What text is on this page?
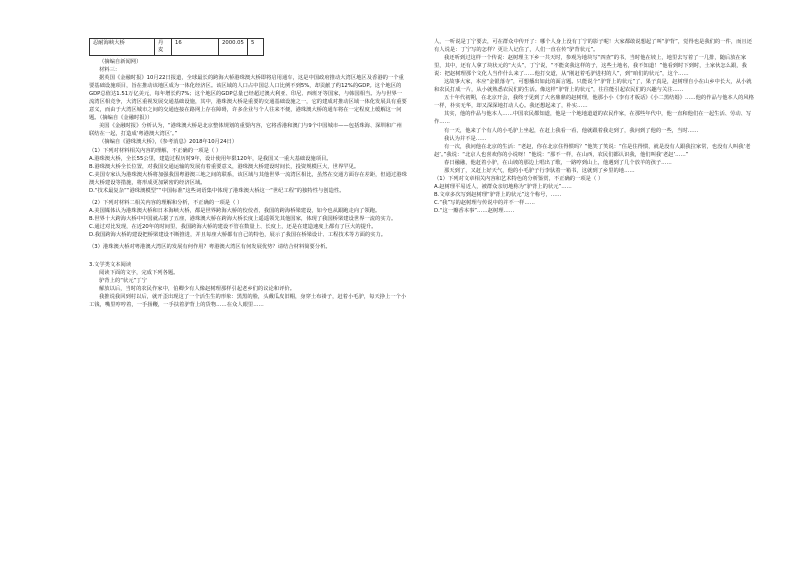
忍耐海峡大桥	丹麦	16	2000.05	5

（摘编自新闻网）

材料三：

据英国《金融时报》10月22日报道，全球最长的跨海大桥港珠澳大桥即将启用通车，这是中国政府推动大湾区地区及香港的一个重要基础设施项目，旨在推动该地区成为一体化经济区。该区域的人口占中国总人口比例不到5%，却贡献了约12%的GDP。这个地区的GDP总值达1.51万亿美元，每年增长约7%；这个地区的GDP总量已经超过澳大利亚、印尼、西班牙等国家，与韩国相当。为与世界一流湾区相竞争，大湾区重视发展交通基础设施，其中，港珠澳大桥是重要的交通基础设施之一，它的建成对推动区域一体化发展具有重要意义，而由于大湾区城市之间的交通连接在路网上存在障碍，许多企业与个人往来不便，港珠澳大桥的通车将在一定程度上缓解这一问题。（摘编自《金融时报》）

美国《金融时报》分析认为，“港珠澳大桥是北京整体规划的重要内容，它将香港和澳门与9个中国城市——包括珠海、深圳和广州联结在一起，打造成‘粤港澳大湾区’。”

（摘编自《港珠澳大桥》，《参考消息》2018年10月24日）

（1）下列对材料相关内容的理解，不正确的一项是（ ）

A.港珠澳大桥，全长55公里，建造过程历时9年，设计使用年限120年，是我国又一重大基础设施项目。

B.港珠澳大桥全长位置，对我国交通运输的发展有着重要意义，港珠澳大桥建设时间长，投资规模巨大，世界罕见。

C.美国专家认为港珠澳大桥将加强我国粤港澳三地之间的联系，该区域与其他世界一流湾区相比，虽然在交通方面存在差距，但通过港珠澳大桥建设等措施，将形成更加紧密的经济区域。

D.“技术最复杂”“港珠澳模型”“中国标准”这些词语集中体现了港珠澳大桥这一“世纪工程”的独特性与创造性。

（2）下列对材料二相关内容的理解和分析，不正确的一项是（ ）

A.美国媒体认为港珠澳大桥和日本海峡大桥，都是世界跨海大桥的佼佼者，我国的跨海桥梁建设，如今也从跟跑走向了领跑。

B.世界十大跨海大桥中中国就占据了五座，港珠澳大桥在跨海大桥长度上遥遥领先其他国家，体现了我国桥梁建设世界一流的实力。

C.通过对比发现，在近20年的时间里，我国跨海大桥的建设不管在数量上、长度上，还是在建造速度上都有了巨大的提升。

D.我国跨海大桥的建设把桥梁建设不断推进，并且每座大桥都有自己的特色，展示了我国在桥梁设计、工程技术等方面的实力。

（3）港珠澳大桥对粤港澳大湾区的发展有何作用？粤港澳大湾区有何发展优势？请结合材料简要分析。

3.文学类文本阅读

阅读下面的文字，完成下列各题。

驴背上的“状元”丁宁

解放以后，当时的农民作家中，伯卿少有人像赵树理那样引起老乡们的议论和评价。

我推说我回到村以后，就开歪出现这了一个活生生的形象：黑黑的脸，头戴瓜皮旧帽，身穿土布褂子，赶着小毛驴，每天挣上一个小工钱，嘴里哼哼着，一手扬鞭，一手扶着驴背上的货物……在众人眼里……

人，一听说是丁宁要去，可在群众中传开了：哪个人身上没有丁宁的影子呢！大家都敢说想起了叫“驴背”，觉得也是我们的一件，而且还有人说是：丁宁写的怎样？更让人记住了，人们一直在传“驴背状元”。

我还听到过这样一个传说：赵树理主下乡一共天时，参观为地块写“四查”的书，当时他在坡上，地里去写着了一几排，随后放在家里，其中，还有人拿了块状元的“大头”，丁宁说，“不能贪我这样的子，这些土地名，我不知道！”他看到时下到时，土家伙怎么跟，我说：把赵树理那个文化人当作什么来了……他打交道，从“刚赶着毛驴进村的人”，到“咱们的状元”，这个……

这故事大家，本应“金银落寺”，可想播出如此的面言题。只能说个“驴背上的状元”了，果子真是，赵树理自小在山乡中长大，从小就和农民打成一片，从小就熟悉农民们的生活。像这样“驴背上的状元”，往往能引起农民们的兴趣与关注……

五十年代初期，在北京开会，我终于见到了大名鼎鼎的赵树理，他那小小《李有才板话》《小二黑结婚》……他的作品与他本人的风格一样，朴实无华，却又深深地打动人心。我还想起来了，朴实……

其实，他的作品与他本人……中国农民都知道，他是一个地地道道的农民作家，在那些年代中，他一直和他们在一起生活、劳动、写作……

有一天，他来了个有人的小毛驴上坐起，在赶上我看一看，他就跟着我走到了，我问到了他的一些，当时……

我认为并不是……

有一次，我问他在北京的生活：“老赵，你在北京住得惯吗？”他笑了笑说：“住是住得惯，就是没有人跟我拉家常，也没有人叫我‘老赵’。”我说：“北京人也喜欢你的小说呀！”他说：“那不一样，在山西，农民们都认识我，他们叫我‘老赵’……”

春日融融，他赶着小驴，在山坡的那边上唱出了歌，一路哼到山上，他遇到了几个放羊的孩子……

那天到了，又赶上好天气，他的小毛驴子行李驮着一箱书，这就到了乡里的地……

（1）下列对文章相关内容和艺术特色的分析鉴赏，不正确的一项是（ ）

A.赵树理平易近人，被群众亲切地称为“驴背上的状元”……

B.文章多次写到赵树理“驴背上的状元”这个称号，……

C.“我”写的赵树理与传说中的并不一样……

D.“这一瓣香本事”……赵树理……
